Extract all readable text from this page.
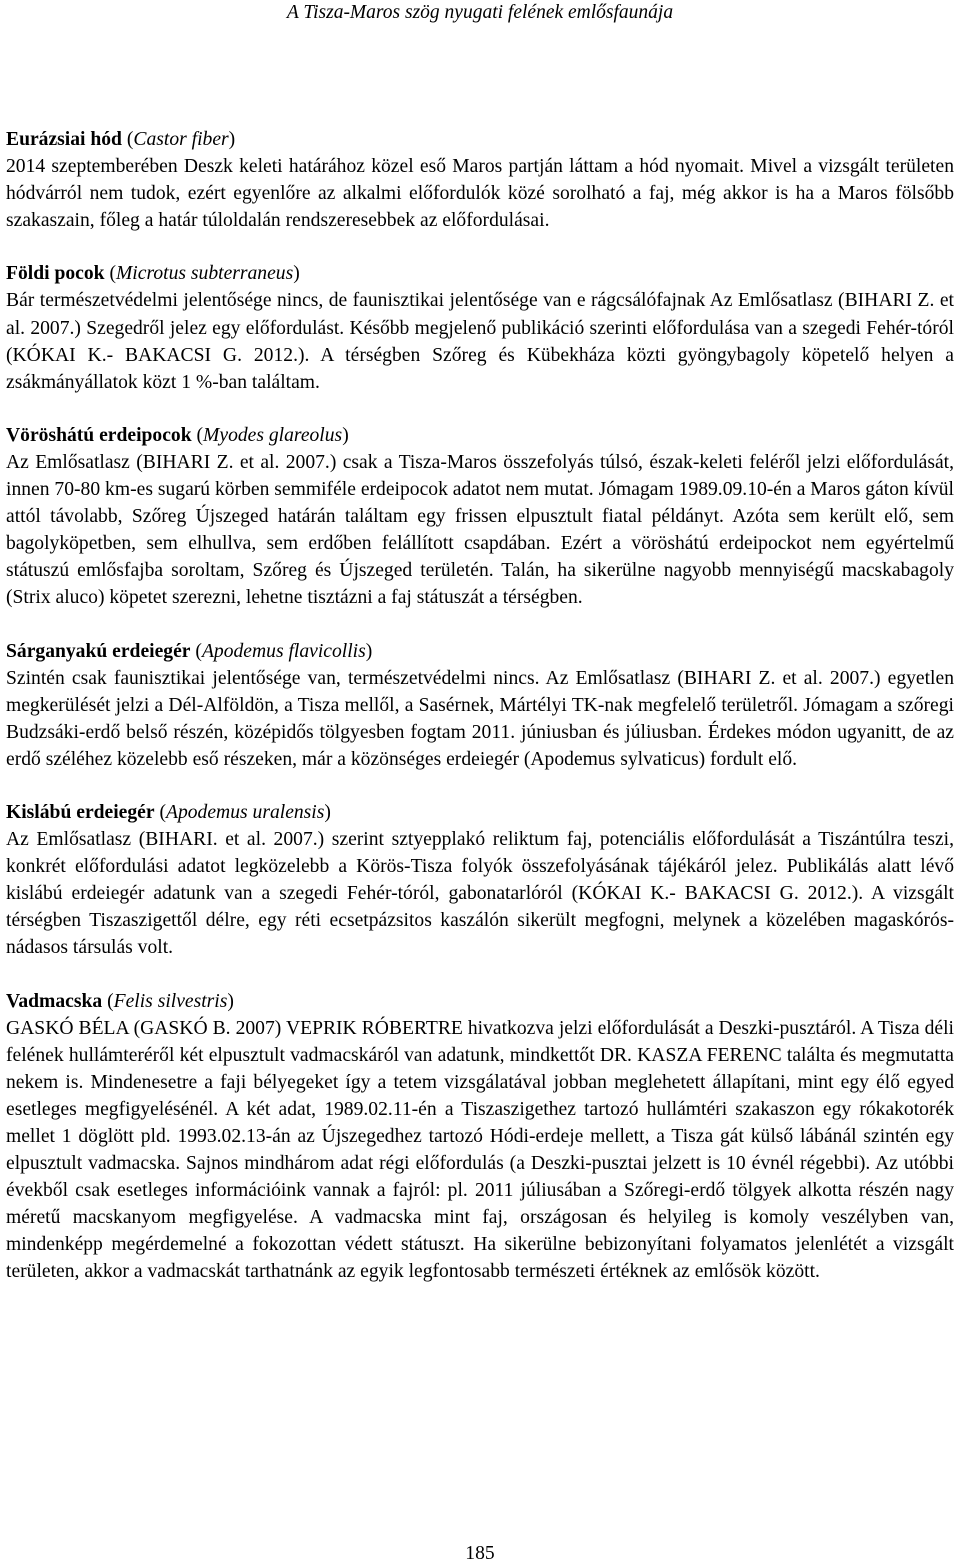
A Tisza-Maros szög nyugati felének emlősfaunája
Eurázsiai hód (Castor fiber)
2014 szeptemberében Deszk keleti határához közel eső Maros partján láttam a hód nyomait. Mivel a vizsgált területen hódvárról nem tudok, ezért egyenlőre az alkalmi előfordulók közé sorolható a faj, még akkor is ha a Maros fölsőbb szakaszain, főleg a határ túloldalán rendszeresebbek az előfordulásai.
Földi pocok (Microtus subterraneus)
Bár természetvédelmi jelentősége nincs, de faunisztikai jelentősége van e rágcsálófajnak Az Emlősatlasz (BIHARI Z. et al. 2007.) Szegedről jelez egy előfordulást. Később megjelenő publikáció szerinti előfordulása van a szegedi Fehér-tóról (KÓKAI K.- BAKACSI G. 2012.). A térségben Szőreg és Kübekháza közti gyöngybagoly köpetelő helyen a zsákmányállatok közt 1 %-ban találtam.
Vöröshátú erdeipocok (Myodes glareolus)
Az Emlősatlasz (BIHARI Z. et al. 2007.) csak a Tisza-Maros összefolyás túlsó, észak-keleti feléről jelzi előfordulását, innen 70-80 km-es sugarú körben semmiféle erdeipocok adatot nem mutat. Jómagam 1989.09.10-én a Maros gáton kívül attól távolabb, Szőreg Újszeged határán találtam egy frissen elpusztult fiatal példányt. Azóta sem került elő, sem bagolyköpetben, sem elhullva, sem erdőben felállított csapdában. Ezért a vöröshátú erdeipockot nem egyértelmű státuszú emlősfajba soroltam, Szőreg és Újszeged területén. Talán, ha sikerülne nagyobb mennyiségű macskabagoly (Strix aluco) köpetet szerezni, lehetne tisztázni a faj státuszát a térségben.
Sárganyakú erdeiegér (Apodemus flavicollis)
Szintén csak faunisztikai jelentősége van, természetvédelmi nincs. Az Emlősatlasz (BIHARI Z. et al. 2007.) egyetlen megkerülését jelzi a Dél-Alföldön, a Tisza mellől, a Sasérnek, Mártélyi TK-nak megfelelő területről. Jómagam a szőregi Budzsáki-erdő belső részén, középidős tölgyesben fogtam 2011. júniusban és júliusban. Érdekes módon ugyanitt, de az erdő széléhez közelebb eső részeken, már a közönséges erdeiegér (Apodemus sylvaticus) fordult elő.
Kislábú erdeiegér (Apodemus uralensis)
Az Emlősatlasz (BIHARI. et al. 2007.) szerint sztyepplakó reliktum faj, potenciális előfordulását a Tiszántúlra teszi, konkrét előfordulási adatot legközelebb a Körös-Tisza folyók összefolyásának tájékáról jelez. Publikálás alatt lévő kislábú erdeiegér adatunk van a szegedi Fehér-tóról, gabonatarlóról (KÓKAI K.- BAKACSI G. 2012.). A vizsgált térségben Tiszaszigettől délre, egy réti ecsetpázsitos kaszálón sikerült megfogni, melynek a közelében magaskórós-nádasos társulás volt.
Vadmacska (Felis silvestris)
GASKÓ BÉLA (GASKÓ B. 2007) VEPRIK RÓBERTRE hivatkozva jelzi előfordulását a Deszki-pusztáról. A Tisza déli felének hullámteréről két elpusztult vadmacskáról van adatunk, mindkettőt DR. KASZA FERENC találta és megmutatta nekem is. Mindenesetre a faji bélyegeket így a tetem vizsgálatával jobban meglehetett állapítani, mint egy élő egyed esetleges megfigyelésénél. A két adat, 1989.02.11-én a Tiszaszigethez tartozó hullámtéri szakaszon egy rókakotorék mellet 1 döglött pld. 1993.02.13-án az Újszegedhez tartozó Hódi-erdeje mellett, a Tisza gát külső lábánál szintén egy elpusztult vadmacska. Sajnos mindhárom adat régi előfordulás (a Deszki-pusztai jelzett is 10 évnél régebbi). Az utóbbi évekből csak esetleges információink vannak a fajról: pl. 2011 júliusában a Szőregi-erdő tölgyek alkotta részén nagy méretű macskanyom megfigyelése. A vadmacska mint faj, országosan és helyileg is komoly veszélyben van, mindenképp megérdemelné a fokozottan védett státuszt. Ha sikerülne bebizonyítani folyamatos jelenlétét a vizsgált területen, akkor a vadmacskát tarthatnánk az egyik legfontosabb természeti értéknek az emlősök között.
185
